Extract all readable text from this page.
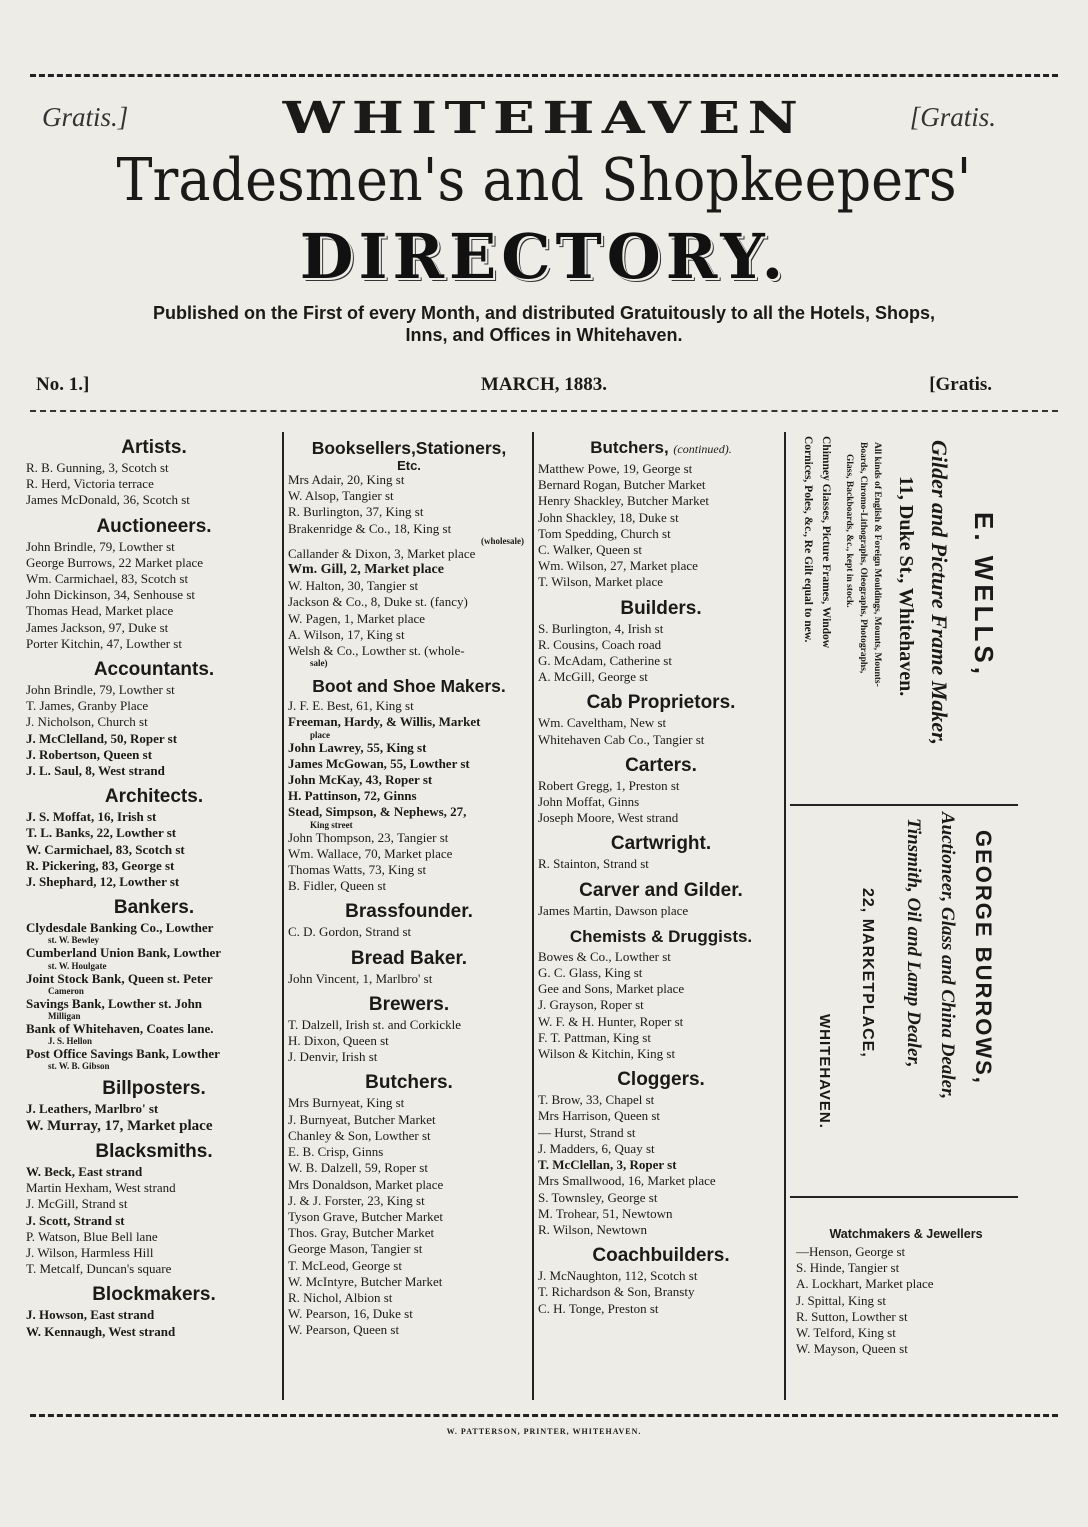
Gratis.]	[Gratis.
WHITEHAVEN
Tradesmen's and Shopkeepers'
DIRECTORY.
Published on the First of every Month, and distributed Gratuitously to all the Hotels, Shops,
Inns, and Offices in Whitehaven.
No. 1.]	MARCH, 1883.	[Gratis.
Artists.
R. B. Gunning, 3, Scotch st
R. Herd, Victoria terrace
James McDonald, 36, Scotch st
Auctioneers.
John Brindle, 79, Lowther st
George Burrows, 22 Market place
Wm. Carmichael, 83, Scotch st
John Dickinson, 34, Senhouse st
Thomas Head, Market place
James Jackson, 97, Duke st
Porter Kitchin, 47, Lowther st
Accountants.
John Brindle, 79, Lowther st
T. James, Granby Place
J. Nicholson, Church st
J. McClelland, 50, Roper st
J. Robertson, Queen st
J. L. Saul, 8, West strand
Architects.
J. S. Moffat, 16, Irish st
T. L. Banks, 22, Lowther st
W. Carmichael, 83, Scotch st
R. Pickering, 83, George st
J. Shephard, 12, Lowther st
Bankers.
Clydesdale Banking Co., Lowther
st. W. Bewley
Cumberland Union Bank, Lowther
st. W. Houlgate
Joint Stock Bank, Queen st. Peter
Cameron
Savings Bank, Lowther st. John
Milligan
Bank of Whitehaven, Coates lane.
J. S. Hellon
Post Office Savings Bank, Lowther
st. W. B. Gibson
Billposters.
J. Leathers, Marlbro' st
W. Murray, 17, Market place
Blacksmiths.
W. Beck, East strand
Martin Hexham, West strand
J. McGill, Strand st
J. Scott, Strand st
P. Watson, Blue Bell lane
J. Wilson, Harmless Hill
T. Metcalf, Duncan's square
Blockmakers.
J. Howson, East strand
W. Kennaugh, West strand
Booksellers,Stationers,
Etc.
Mrs Adair, 20, King st
W. Alsop, Tangier st
R. Burlington, 37, King st
Brakenridge & Co., 18, King st
(wholesale)
Callander & Dixon, 3, Market place
Wm. Gill, 2, Market place
W. Halton, 30, Tangier st
Jackson & Co., 8, Duke st. (fancy)
W. Pagen, 1, Market place
A. Wilson, 17, King st
Welsh & Co., Lowther st. (whole-
sale)
Boot and Shoe Makers.
J. F. E. Best, 61, King st
Freeman, Hardy, & Willis, Market
place
John Lawrey, 55, King st
James McGowan, 55, Lowther st
John McKay, 43, Roper st
H. Pattinson, 72, Ginns
Stead, Simpson, & Nephews, 27,
King street
John Thompson, 23, Tangier st
Wm. Wallace, 70, Market place
Thomas Watts, 73, King st
B. Fidler, Queen st
Brassfounder.
C. D. Gordon, Strand st
Bread Baker.
John Vincent, 1, Marlbro' st
Brewers.
T. Dalzell, Irish st. and Corkickle
H. Dixon, Queen st
J. Denvir, Irish st
Butchers.
Mrs Burnyeat, King st
J. Burnyeat, Butcher Market
Chanley & Son, Lowther st
E. B. Crisp, Ginns
W. B. Dalzell, 59, Roper st
Mrs Donaldson, Market place
J. & J. Forster, 23, King st
Tyson Grave, Butcher Market
Thos. Gray, Butcher Market
George Mason, Tangier st
T. McLeod, George st
W. McIntyre, Butcher Market
R. Nichol, Albion st
W. Pearson, 16, Duke st
W. Pearson, Queen st
Butchers, (continued).
Matthew Powe, 19, George st
Bernard Rogan, Butcher Market
Henry Shackley, Butcher Market
John Shackley, 18, Duke st
Tom Spedding, Church st
C. Walker, Queen st
Wm. Wilson, 27, Market place
T. Wilson, Market place
Builders.
S. Burlington, 4, Irish st
R. Cousins, Coach road
G. McAdam, Catherine st
A. McGill, George st
Cab Proprietors.
Wm. Caveltham, New st
Whitehaven Cab Co., Tangier st
Carters.
Robert Gregg, 1, Preston st
John Moffat, Ginns
Joseph Moore, West strand
Cartwright.
R. Stainton, Strand st
Carver and Gilder.
James Martin, Dawson place
Chemists & Druggists.
Bowes & Co., Lowther st
G. C. Glass, King st
Gee and Sons, Market place
J. Grayson, Roper st
W. F. & H. Hunter, Roper st
F. T. Pattman, King st
Wilson & Kitchin, King st
Cloggers.
T. Brow, 33, Chapel st
Mrs Harrison, Queen st
— Hurst, Strand st
J. Madders, 6, Quay st
T. McClellan, 3, Roper st
Mrs Smallwood, 16, Market place
S. Townsley, George st
M. Trohear, 51, Newtown
R. Wilson, Newtown
Coachbuilders.
J. McNaughton, 112, Scotch st
T. Richardson & Son, Bransty
C. H. Tonge, Preston st
E. WELLS,
Gilder and Picture Frame Maker,
11, Duke St., Whitehaven.
All kinds of English & Foreign Mouldings, Mounts, Mounts-
Boards, Chromo-Lithographs, Oleographs, Photographs,
Glass, Backboards, &c., kept in stock.
Chimney Glasses, Picture Frames, Window
Cornices, Poles, &c., Re Gilt equal to new.
GEORGE BURROWS,
Auctioneer, Glass and China Dealer,
Tinsmith, Oil and Lamp Dealer,
22, MARKETPLACE,
WHITEHAVEN.
Watchmakers & Jewellers
—Henson, George st
S. Hinde, Tangier st
A. Lockhart, Market place
J. Spittal, King st
R. Sutton, Lowther st
W. Telford, King st
W. Mayson, Queen st
W. PATTERSON, PRINTER, WHITEHAVEN.
